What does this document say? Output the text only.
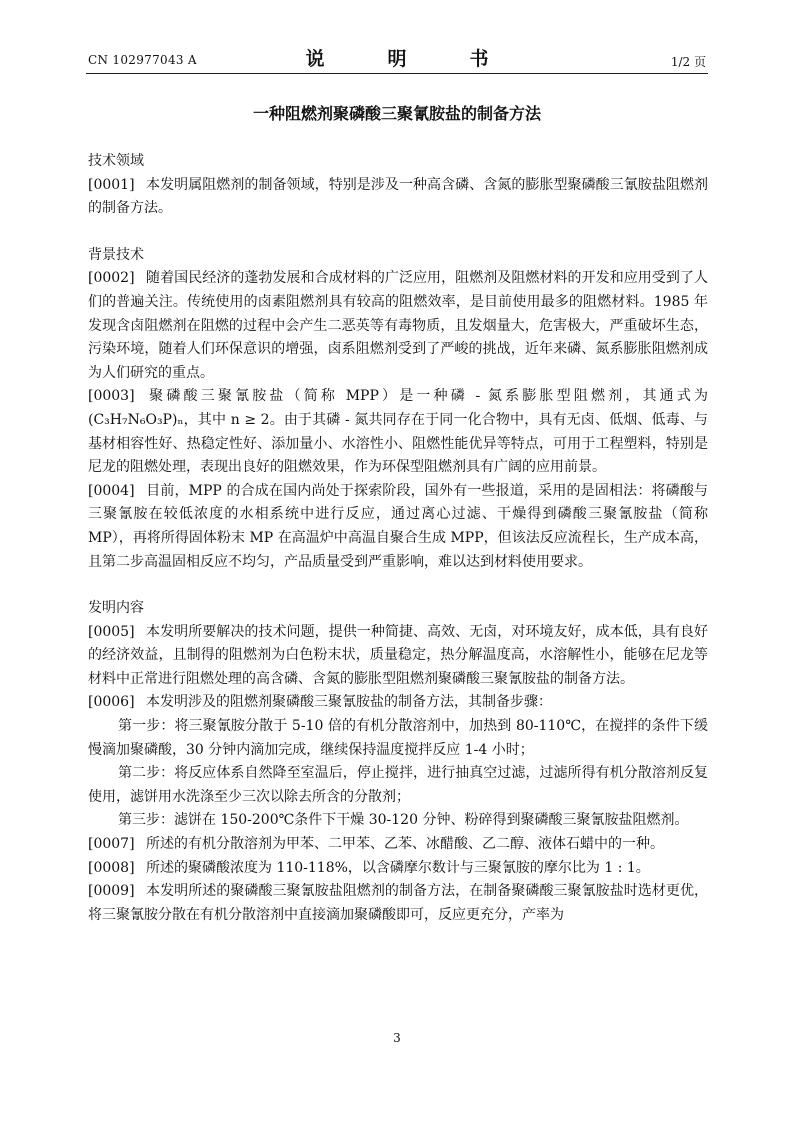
CN 102977043 A	说　明　书	1/2 页
一种阻燃剂聚磷酸三聚氰胺盐的制备方法
技术领域
[0001] 本发明属阻燃剂的制备领域，特别是涉及一种高含磷、含氮的膨胀型聚磷酸三氰胺盐阻燃剂的制备方法。
背景技术
[0002] 随着国民经济的蓬勃发展和合成材料的广泛应用，阻燃剂及阻燃材料的开发和应用受到了人们的普遍关注。传统使用的卤素阻燃剂具有较高的阻燃效率，是目前使用最多的阻燃材料。1985 年发现含卤阻燃剂在阻燃的过程中会产生二恶英等有毒物质，且发烟量大，危害极大，严重破坏生态，污染环境，随着人们环保意识的增强，卤系阻燃剂受到了严峻的挑战，近年来磷、氮系膨胀阻燃剂成为人们研究的重点。
[0003] 聚磷酸三聚氰胺盐（简称 MPP）是一种磷 - 氮系膨胀型阻燃剂，其通式为 (C₃H₇N₆O₃P)ₙ，其中 n ≥ 2。由于其磷 - 氮共同存在于同一化合物中，具有无卤、低烟、低毒、与基材相容性好、热稳定性好、添加量小、水溶性小、阻燃性能优异等特点，可用于工程塑料，特别是尼龙的阻燃处理，表现出良好的阻燃效果，作为环保型阻燃剂具有广阔的应用前景。
[0004] 目前，MPP 的合成在国内尚处于探索阶段，国外有一些报道，采用的是固相法：将磷酸与三聚氰胺在较低浓度的水相系统中进行反应，通过离心过滤、干燥得到磷酸三聚氰胺盐（简称 MP），再将所得固体粉末 MP 在高温炉中高温自聚合生成 MPP，但该法反应流程长，生产成本高，且第二步高温固相反应不均匀，产品质量受到严重影响，难以达到材料使用要求。
发明内容
[0005] 本发明所要解决的技术问题，提供一种简捷、高效、无卤，对环境友好，成本低，具有良好的经济效益，且制得的阻燃剂为白色粉末状，质量稳定，热分解温度高，水溶解性小，能够在尼龙等材料中正常进行阻燃处理的高含磷、含氮的膨胀型阻燃剂聚磷酸三聚氰胺盐的制备方法。
[0006] 本发明涉及的阻燃剂聚磷酸三聚氰胺盐的制备方法，其制备步骤：
第一步：将三聚氰胺分散于 5-10 倍的有机分散溶剂中，加热到 80-110℃，在搅拌的条件下缓慢滴加聚磷酸，30 分钟内滴加完成，继续保持温度搅拌反应 1-4 小时；
第二步：将反应体系自然降至室温后，停止搅拌，进行抽真空过滤，过滤所得有机分散溶剂反复使用，滤饼用水洗涤至少三次以除去所含的分散剂；
第三步：滤饼在 150-200℃条件下干燥 30-120 分钟、粉碎得到聚磷酸三聚氰胺盐阻燃剂。
[0007] 所述的有机分散溶剂为甲苯、二甲苯、乙苯、冰醋酸、乙二醇、液体石蜡中的一种。
[0008] 所述的聚磷酸浓度为 110-118%，以含磷摩尔数计与三聚氰胺的摩尔比为 1 : 1。
[0009] 本发明所述的聚磷酸三聚氰胺盐阻燃剂的制备方法，在制备聚磷酸三聚氰胺盐时选材更优，将三聚氰胺分散在有机分散溶剂中直接滴加聚磷酸即可，反应更充分，产率为
3
